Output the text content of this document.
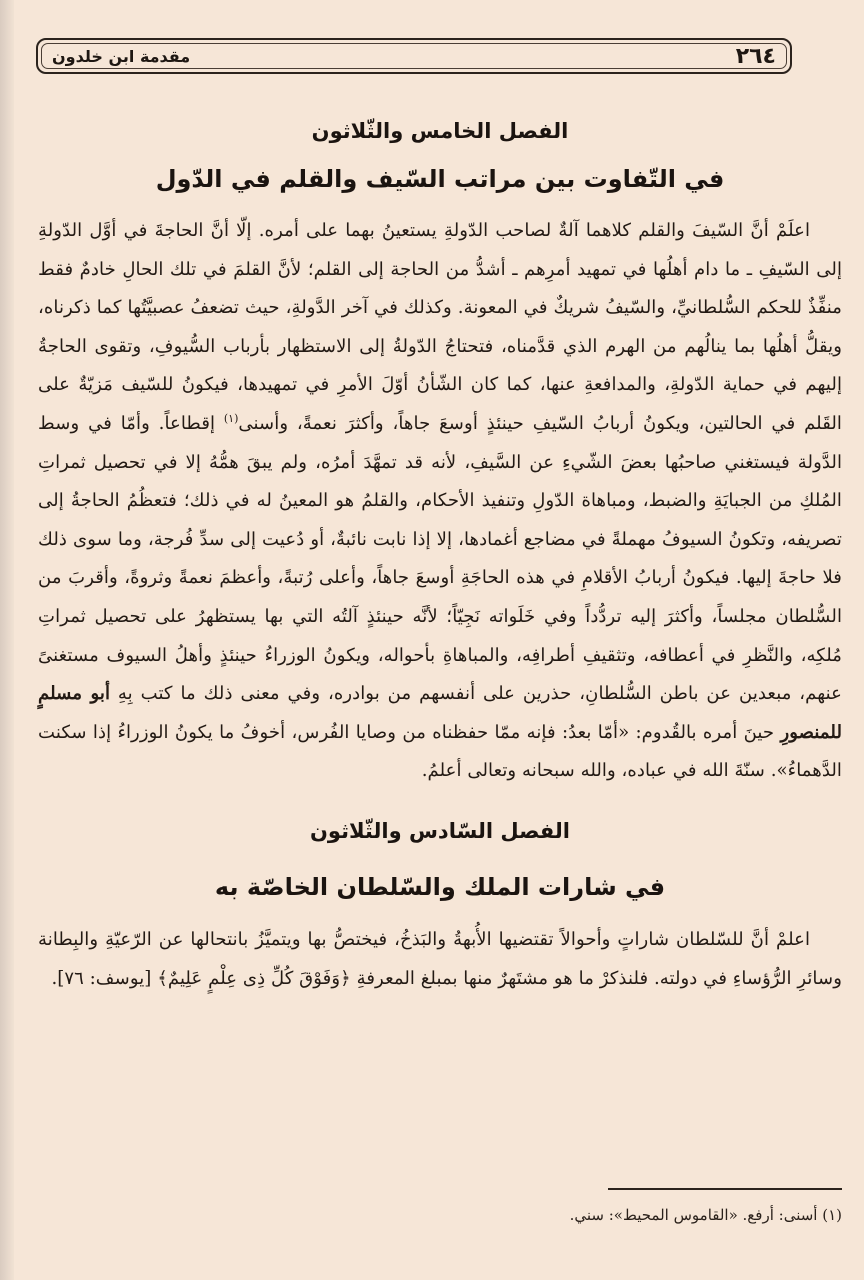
٢٦٤
مقدمة ابن خلدون
الفصل الخامس والثّلاثون
في التّفاوت بين مراتب السّيف والقلم في الدّول

اعلَمْ أنَّ السّيفَ والقلم كلاهما آلةٌ لصاحب الدّولةِ يستعينُ بهما على أمره. إلّا أنَّ الحاجةَ في أوَّل الدّولةِ إلى السّيفِ ـ ما دام أهلُها في تمهيد أمرِهم ـ أشدُّ من الحاجة إلى القلم؛ لأنَّ القلمَ في تلك الحالِ خادمٌ فقط منفِّذٌ للحكم السُّلطانيِّ، والسّيفُ شريكٌ في المعونة. وكذلك في آخر الدَّولةِ، حيث تضعفُ عصبيَّتُها كما ذكرناه، ويقلُّ أهلُها بما ينالُهم من الهرم الذي قدَّمناه، فتحتاجُ الدّولةُ إلى الاستظهار بأرباب السُّيوفِ، وتقوى الحاجةُ إليهم في حماية الدّولةِ، والمدافعةِ عنها، كما كان الشّأنُ أوّلَ الأمرِ في تمهيدها، فيكونُ للسّيف مَزيّةٌ على القَلم في الحالتين، ويكونُ أربابُ السّيفِ حينئذٍ أوسعَ جاهاً، وأكثرَ نعمةً، وأسنى$^{(١)}$ إقطاعاً. وأمّا في وسط الدَّولة فيستغني صاحبُها بعضَ الشّيءِ عن السَّيفِ، لأنه قد تمهَّدَ أمرُه، ولم يبقَ همُّهُ إلا في تحصيل ثمراتِ المُلكِ من الجبايَةِ والضبط، ومباهاة الدّولِ وتنفيذ الأحكام، والقلمُ هو المعينُ له في ذلك؛ فتعظُمُ الحاجةُ إلى تصريفه، وتكونُ السيوفُ مهملةً في مضاجع أغمادها، إلا إذا نابت نائبةٌ، أو دُعيت إلى سدِّ فُرجة، وما سوى ذلك فلا حاجةَ إليها. فيكونُ أربابُ الأقلامِ في هذه الحاجَةِ أوسعَ جاهاً، وأعلى رُتبةً، وأعظمَ نعمةً وثروةً، وأقربَ من السُّلطان مجلساً، وأكثرَ إليه تردُّداً وفي خَلَواته نَجِيّاً؛ لأنَّه حينئذٍ آلتُه التي بها يستظهرُ على تحصيل ثمراتِ مُلكِه، والنَّظرِ في أعطافه، وتثقيفِ أطرافِه، والمباهاةِ بأحواله، ويكونُ الوزراءُ حينئذٍ وأهلُ السيوف مستغنىً عنهم، مبعدين عن باطن السُّلطانِ، حذرين على أنفسهم من بوادره، وفي معنى ذلك ما كتب بِهِ أبو مسلمٍ للمنصورِ حينَ أمره بالقُدوم: «أمّا بعدُ: فإنه ممّا حفظناه من وصايا الفُرس، أخوفُ ما يكونُ الوزراءُ إذا سكنت الدَّهماءُ». سنّةَ الله في عباده، والله سبحانه وتعالى أعلمُ.

الفصل السّادس والثّلاثون
في شارات الملك والسّلطان الخاصّة به

اعلمْ أنَّ للسّلطان شاراتٍ وأحوالاً تقتضيها الأُبهةُ والبَذخُ، فيختصُّ بها ويتميَّزُ بانتحالها عن الرّعيّةِ والبِطانة وسائرِ الرُّؤساءِ في دولته. فلنذكرْ ما هو مشتَهرٌ منها بمبلغ المعرفةِ ﴿وَفَوْقَ كُلِّ ذِى عِلْمٍ عَلِيمٌ﴾ [يوسف: ٧٦].

(١) أسنى: أرفع. «القاموس المحيط»: سني.
